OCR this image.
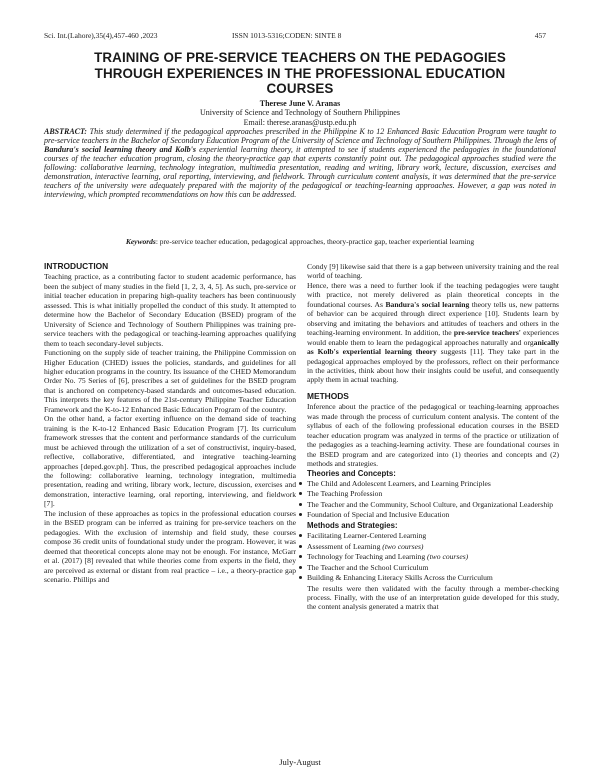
Sci. Int.(Lahore),35(4),457-460 ,2023	ISSN 1013-5316;CODEN: SINTE 8	457
TRAINING OF PRE-SERVICE TEACHERS ON THE PEDAGOGIES THROUGH EXPERIENCES IN THE PROFESSIONAL EDUCATION COURSES
Therese June V. Aranas
University of Science and Technology of Southern Philippines
Email: therese.aranas@ustp.edu.ph
ABSTRACT: This study determined if the pedagogical approaches prescribed in the Philippine K to 12 Enhanced Basic Education Program were taught to pre-service teachers in the Bachelor of Secondary Education Program of the University of Science and Technology of Southern Philippines. Through the lens of Bandura's social learning theory and Kolb's experiential learning theory, it attempted to see if students experienced the pedagogies in the foundational courses of the teacher education program, closing the theory-practice gap that experts constantly point out. The pedagogical approaches studied were the following: collaborative learning, technology integration, multimedia presentation, reading and writing, library work, lecture, discussion, exercises and demonstration, interactive learning, oral reporting, interviewing, and fieldwork. Through curriculum content analysis, it was determined that the pre-service teachers of the university were adequately prepared with the majority of the pedagogical or teaching-learning approaches. However, a gap was noted in interviewing, which prompted recommendations on how this can be addressed.
Keywords: pre-service teacher education, pedagogical approaches, theory-practice gap, teacher experiential learning
INTRODUCTION

Teaching practice, as a contributing factor to student academic performance, has been the subject of many studies in the field [1, 2, 3, 4, 5]. As such, pre-service or initial teacher education in preparing high-quality teachers has been continuously assessed. This is what initially propelled the conduct of this study. It attempted to determine how the Bachelor of Secondary Education (BSED) program of the University of Science and Technology of Southern Philippines was training pre-service teachers with the pedagogical or teaching-learning approaches qualifying them to teach secondary-level subjects.

Functioning on the supply side of teacher training, the Philippine Commission on Higher Education (CHED) issues the policies, standards, and guidelines for all higher education programs in the country. Its issuance of the CHED Memorandum Order No. 75 Series of [6], prescribes a set of guidelines for the BSED program that is anchored on competency-based standards and outcomes-based education. This interprets the key features of the 21st-century Philippine Teacher Education Framework and the K-to-12 Enhanced Basic Education Program of the country.

On the other hand, a factor exerting influence on the demand side of teaching training is the K-to-12 Enhanced Basic Education Program [7]. Its curriculum framework stresses that the content and performance standards of the curriculum must be achieved through the utilization of a set of constructivist, inquiry-based, reflective, collaborative, differentiated, and integrative teaching-learning approaches [deped.gov.ph]. Thus, the prescribed pedagogical approaches include the following: collaborative learning, technology integration, multimedia presentation, reading and writing, library work, lecture, discussion, exercises and demonstration, interactive learning, oral reporting, interviewing, and fieldwork [7].

The inclusion of these approaches as topics in the professional education courses in the BSED program can be inferred as training for pre-service teachers on the pedagogies. With the exclusion of internship and field study, these courses compose 36 credit units of foundational study under the program. However, it was deemed that theoretical concepts alone may not be enough. For instance, McGarr et al. (2017) [8] revealed that while theories come from experts in the field, they are perceived as external or distant from real practice – i.e., a theory-practice gap scenario. Phillips and

Condy [9] likewise said that there is a gap between university training and the real world of teaching.

Hence, there was a need to further look if the teaching pedagogies were taught with practice, not merely delivered as plain theoretical concepts in the foundational courses. As Bandura's social learning theory tells us, new patterns of behavior can be acquired through direct experience [10]. Students learn by observing and imitating the behaviors and attitudes of teachers and others in the teaching-learning environment. In addition, the pre-service teachers' experiences would enable them to learn the pedagogical approaches naturally and organically as Kolb's experiential learning theory suggests [11]. They take part in the pedagogical approaches employed by the professors, reflect on their performance in the activities, think about how their insights could be useful, and consequently apply them in actual teaching.

METHODS

Inference about the practice of the pedagogical or teaching-learning approaches was made through the process of curriculum content analysis. The content of the syllabus of each of the following professional education courses in the BSED teacher education program was analyzed in terms of the practice or utilization of the pedagogies as a teaching-learning activity. These are foundational courses in the BSED program and are categorized into (1) theories and concepts and (2) methods and strategies.

Theories and Concepts:
The Child and Adolescent Learners, and Learning Principles
The Teaching Profession
The Teacher and the Community, School Culture, and Organizational Leadership
Foundation of Special and Inclusive Education
Methods and Strategies:
Facilitating Learner-Centered Learning
Assessment of Learning (two courses)
Technology for Teaching and Learning (two courses)
The Teacher and the School Curriculum
Building & Enhancing Literacy Skills Across the Curriculum

The results were then validated with the faculty through a member-checking process. Finally, with the use of an interpretation guide developed for this study, the content analysis generated a matrix that

July-August
